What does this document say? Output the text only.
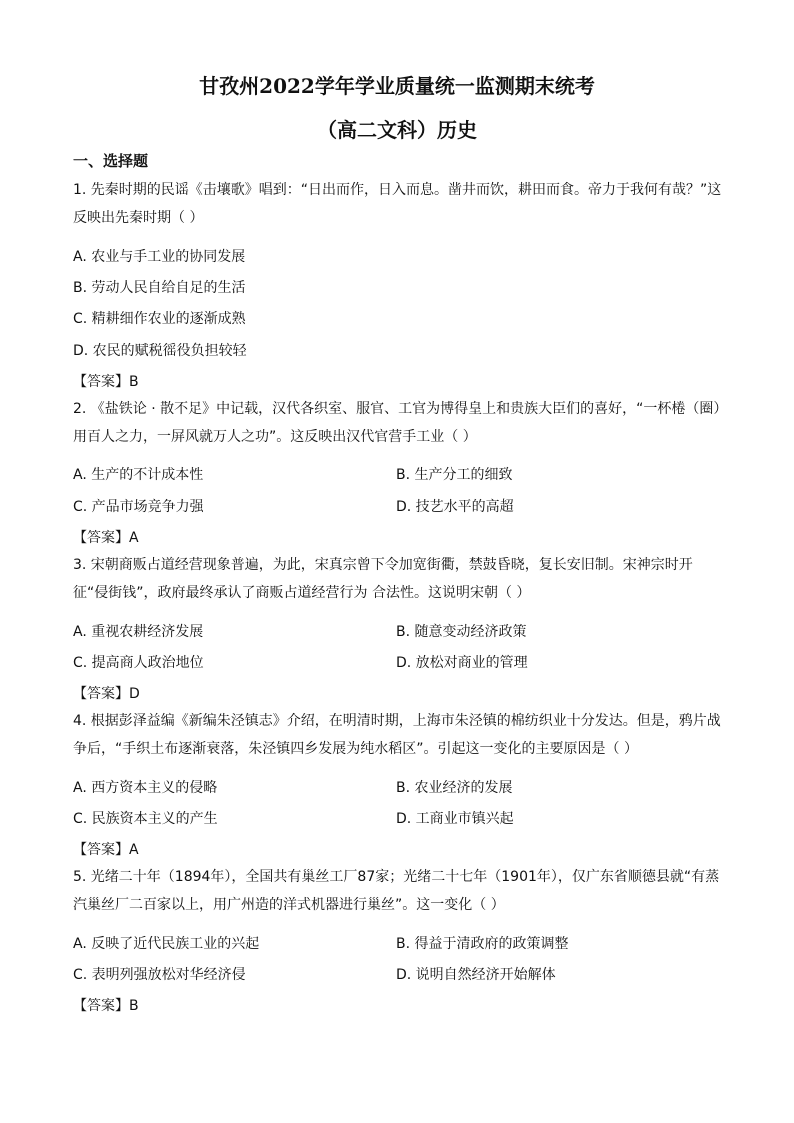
甘孜州2022学年学业质量统一监测期末统考
（高二文科）历史
一、选择题
1. 先秦时期的民谣《击壤歌》唱到：“日出而作，日入而息。凿井而饮，耕田而食。帝力于我何有哉？”这反映出先秦时期（ ）
A. 农业与手工业的协同发展
B. 劳动人民自给自足的生活
C. 精耕细作农业的逐渐成熟
D. 农民的赋税徭役负担较轻
【答案】B
2. 《盐铁论 · 散不足》中记载，汉代各织室、服官、工官为博得皇上和贵族大臣们的喜好，“一杯棬（圈）用百人之力，一屏风就万人之功”。这反映出汉代官营手工业（ ）
A. 生产的不计成本性	B. 生产分工的细致
C. 产品市场竞争力强	D. 技艺水平的高超
【答案】A
3. 宋朝商贩占道经营现象普遍，为此，宋真宗曾下令加宽街衢，禁鼓昏晓，复长安旧制。宋神宗时开征“侵街钱”，政府最终承认了商贩占道经营行为 合法性。这说明宋朝（ ）
A. 重视农耕经济发展	B. 随意变动经济政策
C. 提高商人政治地位	D. 放松对商业的管理
【答案】D
4. 根据彭泽益编《新编朱泾镇志》介绍，在明清时期，上海市朱泾镇的棉纺织业十分发达。但是，鸦片战争后，“手织土布逐渐衰落，朱泾镇四乡发展为纯水稻区”。引起这一变化的主要原因是（ ）
A. 西方资本主义的侵略	B. 农业经济的发展
C. 民族资本主义的产生	D. 工商业市镇兴起
【答案】A
5. 光绪二十年（1894年），全国共有巢丝工厂87家；光绪二十七年（1901年），仅广东省顺德县就“有蒸汽巢丝厂二百家以上，用广州造的洋式机器进行巢丝”。这一变化（ ）
A. 反映了近代民族工业的兴起	B. 得益于清政府的政策调整
C. 表明列强放松对华经济侵	D. 说明自然经济开始解体
【答案】B
